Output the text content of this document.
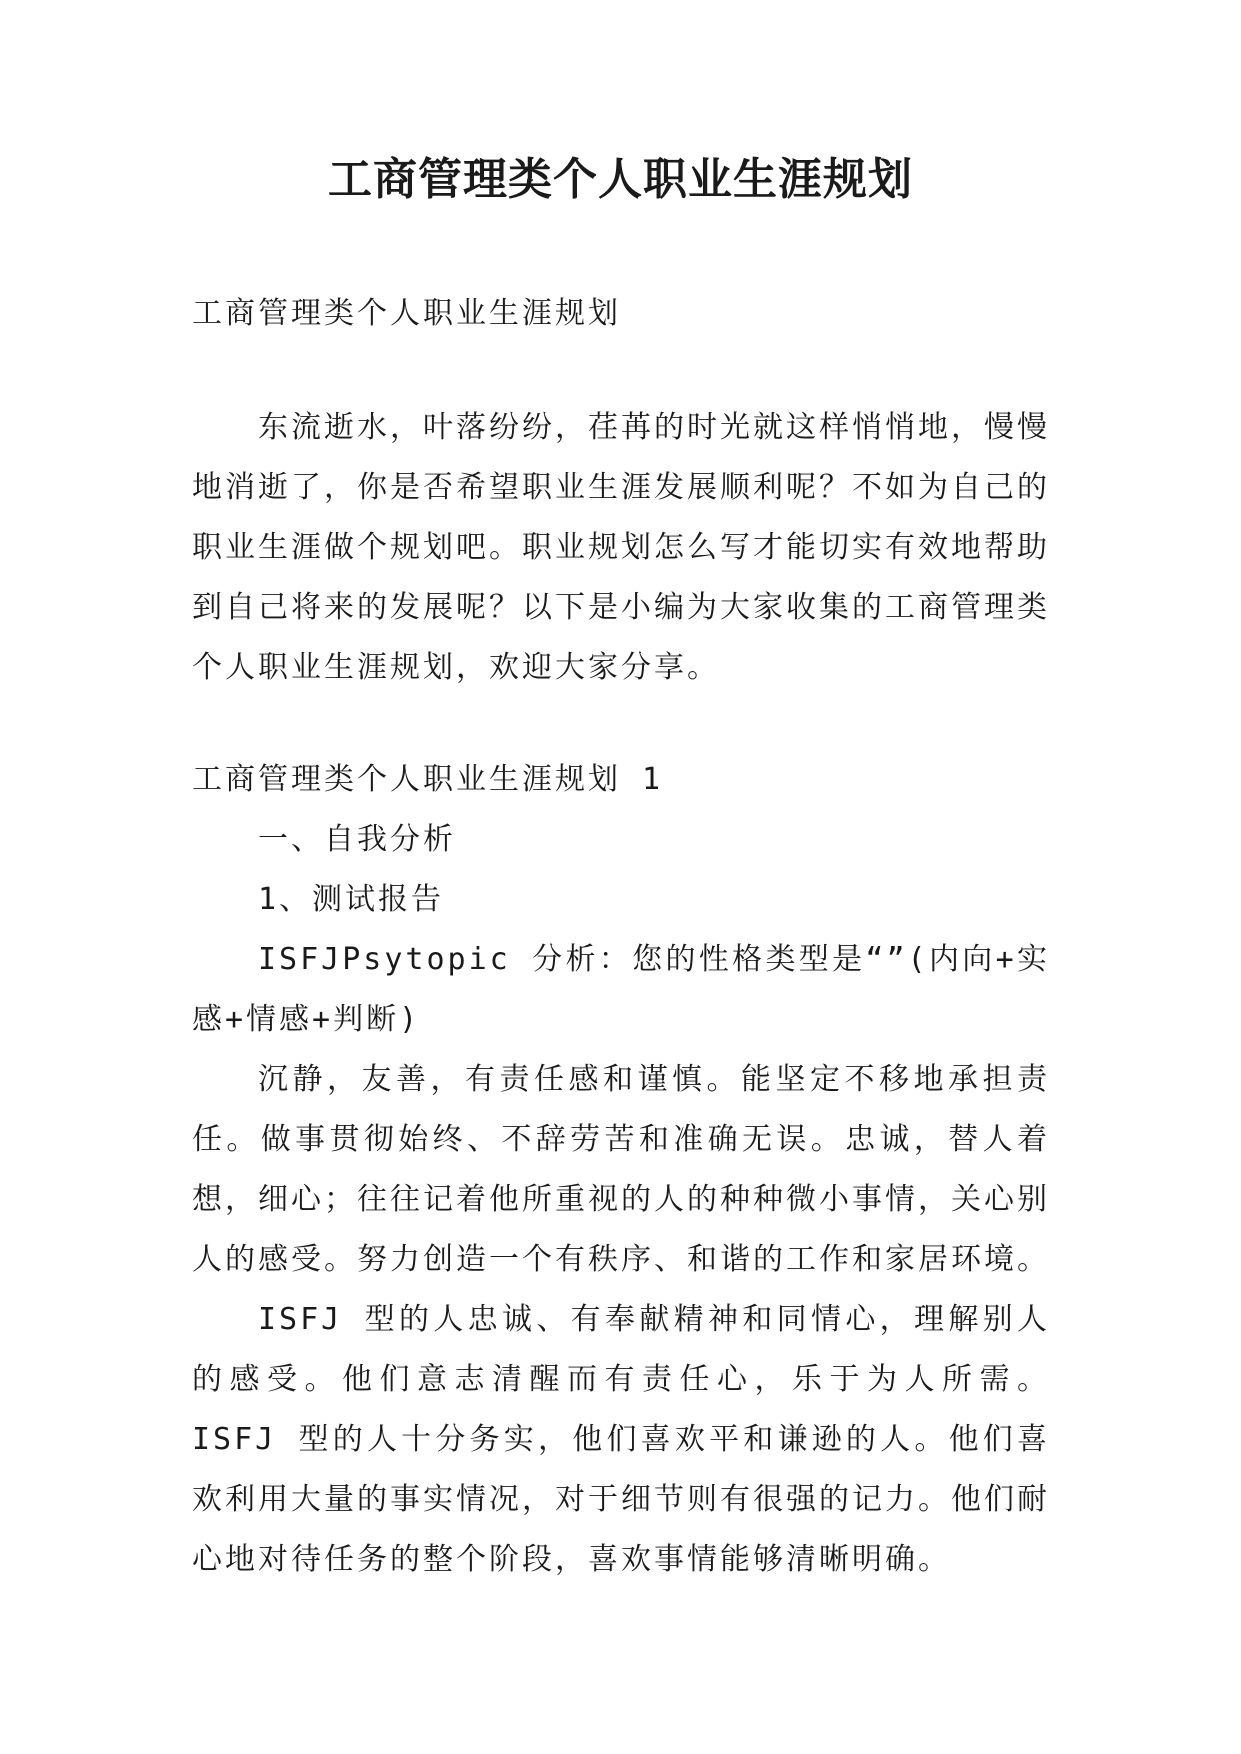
工商管理类个人职业生涯规划

工商管理类个人职业生涯规划

东流逝水，叶落纷纷，荏苒的时光就这样悄悄地，慢慢地消逝了，你是否希望职业生涯发展顺利呢？不如为自己的职业生涯做个规划吧。职业规划怎么写才能切实有效地帮助到自己将来的发展呢？以下是小编为大家收集的工商管理类个人职业生涯规划，欢迎大家分享。

工商管理类个人职业生涯规划 1

一、自我分析

1、测试报告

ISFJPsytopic 分析：您的性格类型是“”(内向+实感+情感+判断)

沉静，友善，有责任感和谨慎。能坚定不移地承担责任。做事贯彻始终、不辞劳苦和准确无误。忠诚，替人着想，细心；往往记着他所重视的人的种种微小事情，关心别人的感受。努力创造一个有秩序、和谐的工作和家居环境。

ISFJ 型的人忠诚、有奉献精神和同情心，理解别人的感受。他们意志清醒而有责任心，乐于为人所需。 ISFJ 型的人十分务实，他们喜欢平和谦逊的人。他们喜欢利用大量的事实情况，对于细节则有很强的记力。他们耐心地对待任务的整个阶段，喜欢事情能够清晰明确。
